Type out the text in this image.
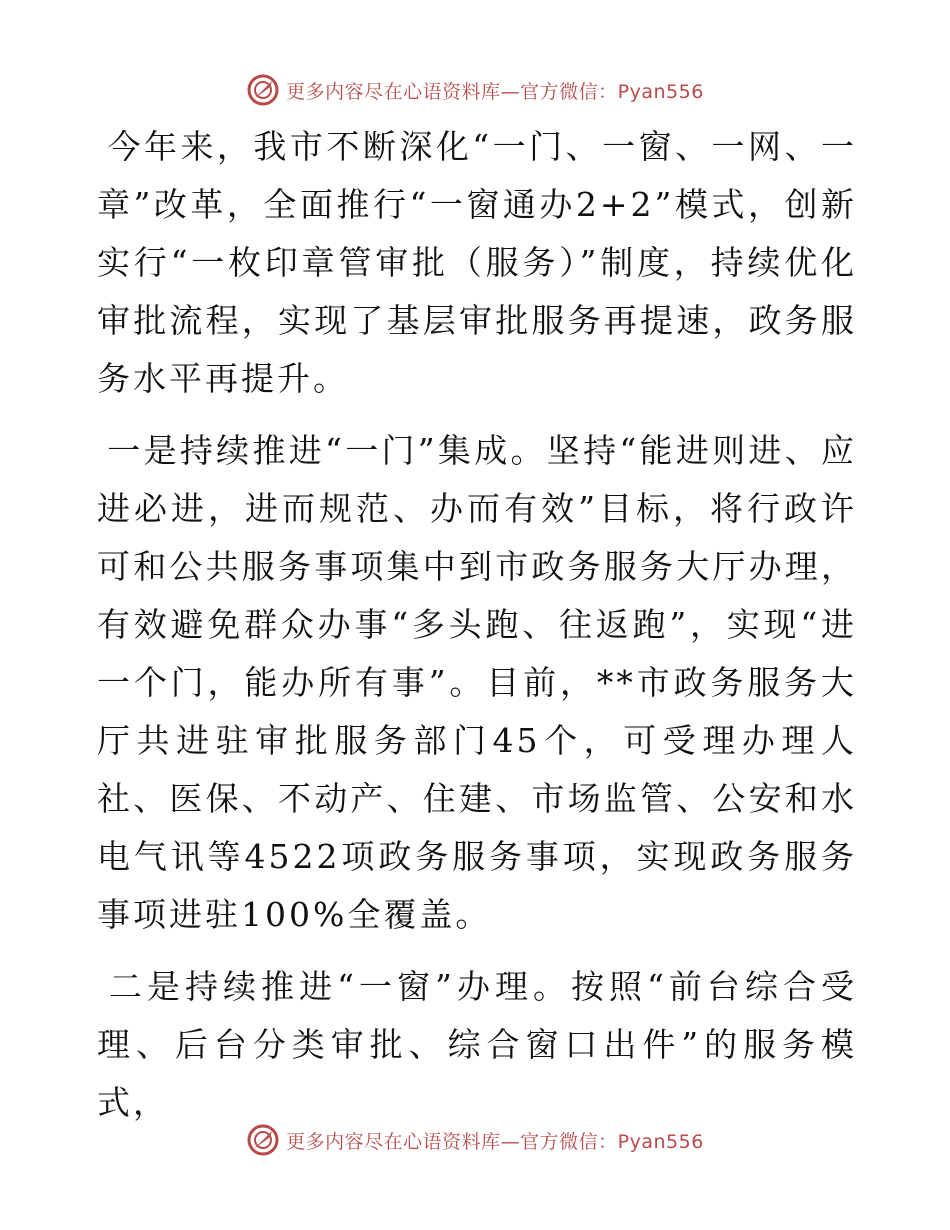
更多内容尽在心语资料库—官方微信：Pyan556

今年来，我市不断深化“一门、一窗、一网、一章”改革，全面推行“一窗通办2+2”模式，创新实行“一枚印章管审批（服务）”制度，持续优化审批流程，实现了基层审批服务再提速，政务服务水平再提升。

一是持续推进“一门”集成。坚持“能进则进、应进必进，进而规范、办而有效”目标，将行政许可和公共服务事项集中到市政务服务大厅办理，有效避免群众办事“多头跑、往返跑”，实现“进一个门，能办所有事”。目前，**市政务服务大厅共进驻审批服务部门45个，可受理办理人社、医保、不动产、住建、市场监管、公安和水电气讯等4522项政务服务事项，实现政务服务事项进驻100%全覆盖。

二是持续推进“一窗”办理。按照“前台综合受理、后台分类审批、综合窗口出件”的服务模式，

更多内容尽在心语资料库—官方微信：Pyan556
